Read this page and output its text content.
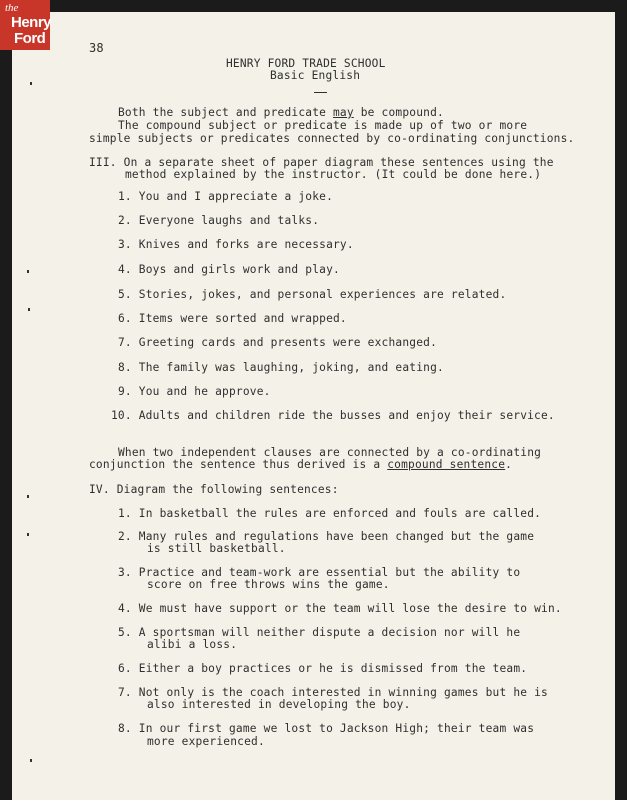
the
Henry
Ford
38
HENRY FORD TRADE SCHOOL
Basic English
Both the subject and predicate may be compound.
The compound subject or predicate is made up of two or more
simple subjects or predicates connected by co-ordinating conjunctions.
III. On a separate sheet of paper diagram these sentences using the
method explained by the instructor. (It could be done here.)
1. You and I appreciate a joke.
2. Everyone laughs and talks.
3. Knives and forks are necessary.
4. Boys and girls work and play.
5. Stories, jokes, and personal experiences are related.
6. Items were sorted and wrapped.
7. Greeting cards and presents were exchanged.
8. The family was laughing, joking, and eating.
9. You and he approve.
10. Adults and children ride the busses and enjoy their service.
When two independent clauses are connected by a co-ordinating
conjunction the sentence thus derived is a compound sentence.
IV. Diagram the following sentences:
1. In basketball the rules are enforced and fouls are called.
2. Many rules and regulations have been changed but the game
is still basketball.
3. Practice and team-work are essential but the ability to
score on free throws wins the game.
4. We must have support or the team will lose the desire to win.
5. A sportsman will neither dispute a decision nor will he
alibi a loss.
6. Either a boy practices or he is dismissed from the team.
7. Not only is the coach interested in winning games but he is
also interested in developing the boy.
8. In our first game we lost to Jackson High; their team was
more experienced.
